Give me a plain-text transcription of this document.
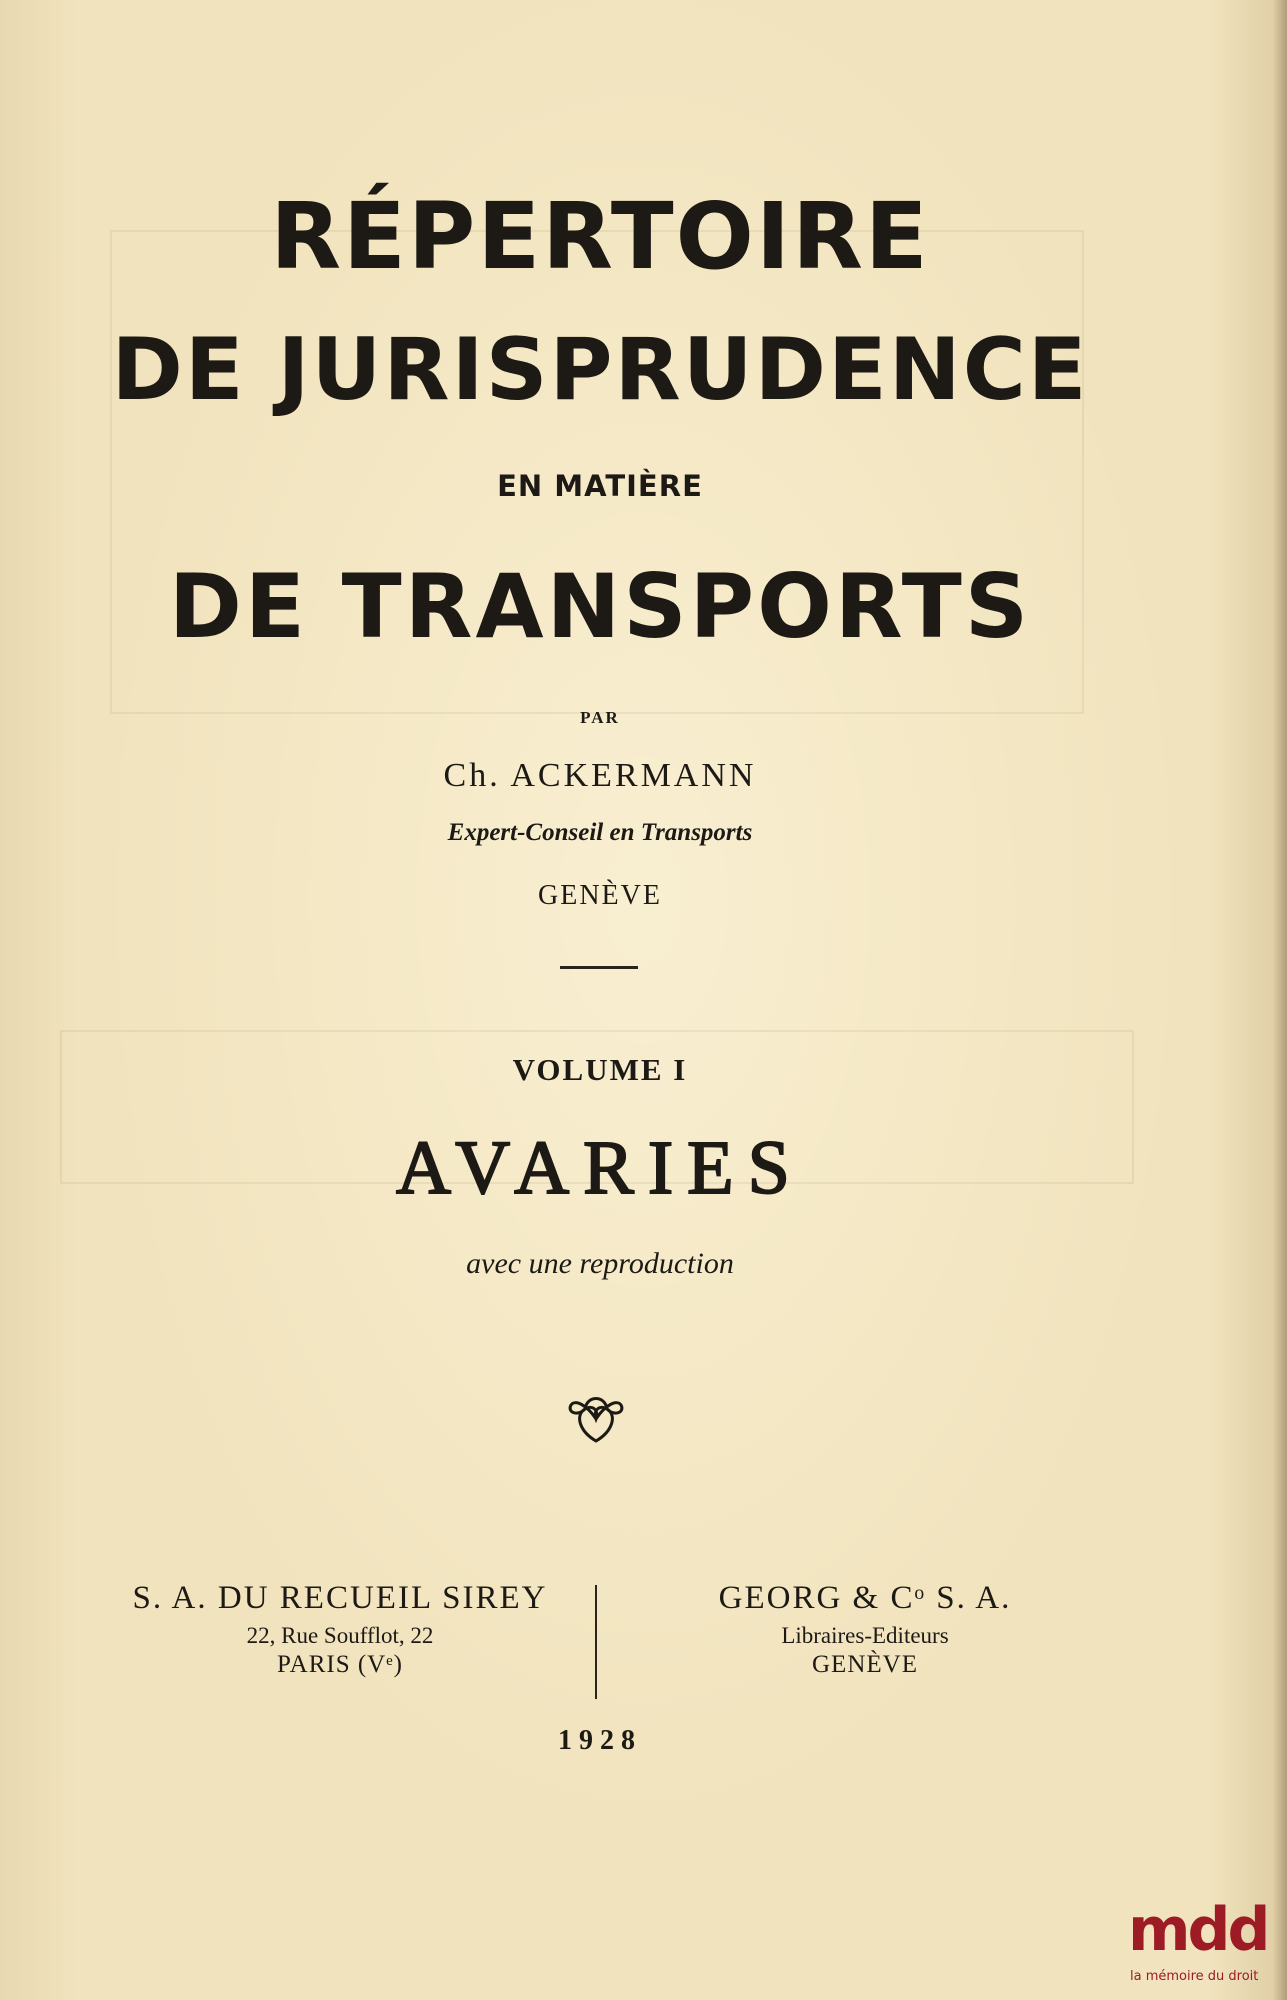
RÉPERTOIRE
DE JURISPRUDENCE
EN MATIÈRE
DE TRANSPORTS
PAR
Ch. ACKERMANN
Expert-Conseil en Transports
GENÈVE
VOLUME I
AVARIES
avec une reproduction
S. A. DU RECUEIL SIREY
22, Rue Soufflot, 22
PARIS (Vᵉ)
GEORG & Cᵒ S. A.
Libraires-Editeurs
GENÈVE
1928
mdd
la mémoire du droit
